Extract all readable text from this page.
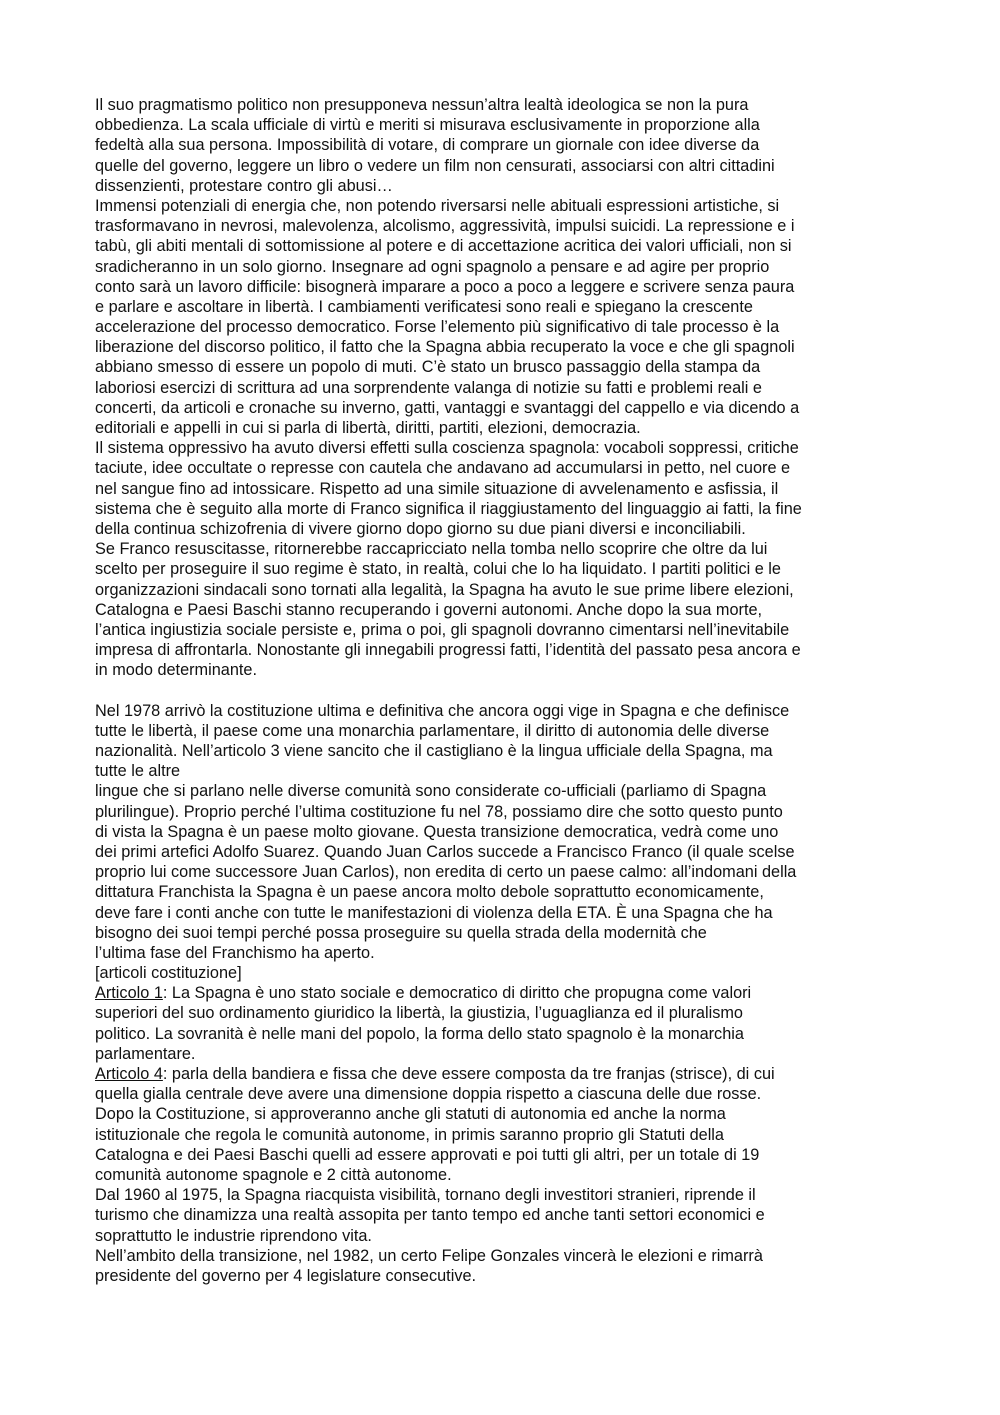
Il suo pragmatismo politico non presupponeva nessun’altra lealtà ideologica se non la pura
obbedienza. La scala ufficiale di virtù e meriti si misurava esclusivamente in proporzione alla
fedeltà alla sua persona. Impossibilità di votare, di comprare un giornale con idee diverse da
quelle del governo, leggere un libro o vedere un film non censurati, associarsi con altri cittadini
dissenzienti, protestare contro gli abusi…
Immensi potenziali di energia che, non potendo riversarsi nelle abituali espressioni artistiche, si
trasformavano in nevrosi, malevolenza, alcolismo, aggressività, impulsi suicidi. La repressione e i
tabù, gli abiti mentali di sottomissione al potere e di accettazione acritica dei valori ufficiali, non si
sradicheranno in un solo giorno. Insegnare ad ogni spagnolo a pensare e ad agire per proprio
conto sarà un lavoro difficile: bisognerà imparare a poco a poco a leggere e scrivere senza paura
e parlare e ascoltare in libertà. I cambiamenti verificatesi sono reali e spiegano la crescente
accelerazione del processo democratico. Forse l’elemento più significativo di tale processo è la
liberazione del discorso politico, il fatto che la Spagna abbia recuperato la voce e che gli spagnoli
abbiano smesso di essere un popolo di muti. C’è stato un brusco passaggio della stampa da
laboriosi esercizi di scrittura ad una sorprendente valanga di notizie su fatti e problemi reali e
concerti, da articoli e cronache su inverno, gatti, vantaggi e svantaggi del cappello e via dicendo a
editoriali e appelli in cui si parla di libertà, diritti, partiti, elezioni, democrazia.
Il sistema oppressivo ha avuto diversi effetti sulla coscienza spagnola: vocaboli soppressi, critiche
taciute, idee occultate o represse con cautela che andavano ad accumularsi in petto, nel cuore e
nel sangue fino ad intossicare. Rispetto ad una simile situazione di avvelenamento e asfissia, il
sistema che è seguito alla morte di Franco significa il riaggiustamento del linguaggio ai fatti, la fine
della continua schizofrenia di vivere giorno dopo giorno su due piani diversi e inconciliabili.
Se Franco resuscitasse, ritornerebbe raccapricciato nella tomba nello scoprire che oltre da lui
scelto per proseguire il suo regime è stato, in realtà, colui che lo ha liquidato. I partiti politici e le
organizzazioni sindacali sono tornati alla legalità, la Spagna ha avuto le sue prime libere elezioni,
Catalogna e Paesi Baschi stanno recuperando i governi autonomi. Anche dopo la sua morte,
l’antica ingiustizia sociale persiste e, prima o poi, gli spagnoli dovranno cimentarsi nell’inevitabile
impresa di affrontarla. Nonostante gli innegabili progressi fatti, l’identità del passato pesa ancora e
in modo determinante.
Nel 1978 arrivò la costituzione ultima e definitiva che ancora oggi vige in Spagna e che definisce
tutte le libertà, il paese come una monarchia parlamentare, il diritto di autonomia delle diverse
nazionalità. Nell’articolo 3 viene sancito che il castigliano è la lingua ufficiale della Spagna, ma
tutte le altre
lingue che si parlano nelle diverse comunità sono considerate co-ufficiali (parliamo di Spagna
plurilingue). Proprio perché l’ultima costituzione fu nel 78, possiamo dire che sotto questo punto
di vista la Spagna è un paese molto giovane. Questa transizione democratica, vedrà come uno
dei primi artefici Adolfo Suarez. Quando Juan Carlos succede a Francisco Franco (il quale scelse
proprio lui come successore Juan Carlos), non eredita di certo un paese calmo: all’indomani della
dittatura Franchista la Spagna è un paese ancora molto debole soprattutto economicamente,
deve fare i conti anche con tutte le manifestazioni di violenza della ETA. È una Spagna che ha
bisogno dei suoi tempi perché possa proseguire su quella strada della modernità che
l’ultima fase del Franchismo ha aperto.
[articoli costituzione]
Articolo 1: La Spagna è uno stato sociale e democratico di diritto che propugna come valori
superiori del suo ordinamento giuridico la libertà, la giustizia, l’uguaglianza ed il pluralismo
politico. La sovranità è nelle mani del popolo, la forma dello stato spagnolo è la monarchia
parlamentare.
Articolo 4: parla della bandiera e fissa che deve essere composta da tre franjas (strisce), di cui
quella gialla centrale deve avere una dimensione doppia rispetto a ciascuna delle due rosse.
Dopo la Costituzione, si approveranno anche gli statuti di autonomia ed anche la norma
istituzionale che regola le comunità autonome, in primis saranno proprio gli Statuti della
Catalogna e dei Paesi Baschi quelli ad essere approvati e poi tutti gli altri, per un totale di 19
comunità autonome spagnole e 2 città autonome.
Dal 1960 al 1975, la Spagna riacquista visibilità, tornano degli investitori stranieri, riprende il
turismo che dinamizza una realtà assopita per tanto tempo ed anche tanti settori economici e
soprattutto le industrie riprendono vita.
Nell’ambito della transizione, nel 1982, un certo Felipe Gonzales vincerà le elezioni e rimarrà
presidente del governo per 4 legislature consecutive.
